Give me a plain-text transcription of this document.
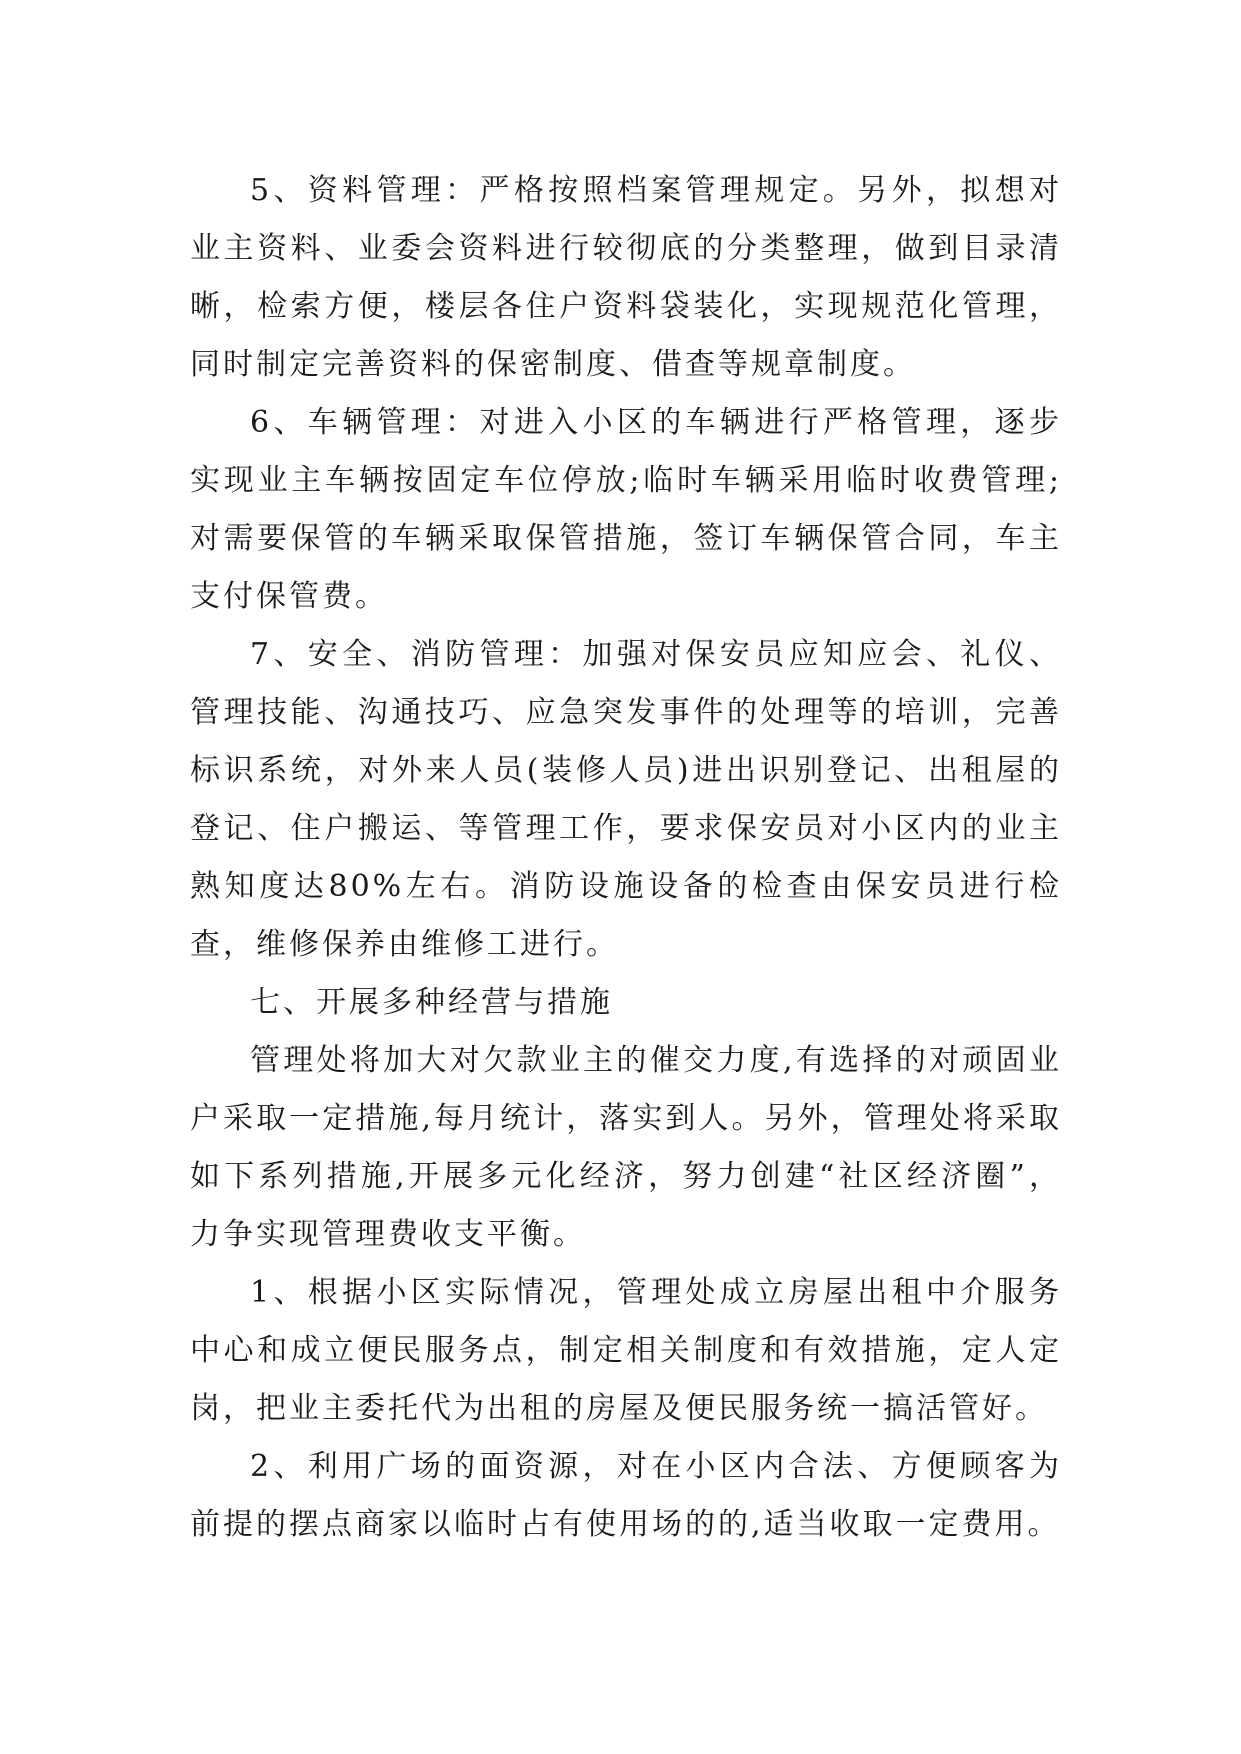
5、资料管理：严格按照档案管理规定。另外，拟想对业主资料、业委会资料进行较彻底的分类整理，做到目录清晰，检索方便，楼层各住户资料袋装化，实现规范化管理，同时制定完善资料的保密制度、借查等规章制度。

6、车辆管理：对进入小区的车辆进行严格管理，逐步实现业主车辆按固定车位停放;临时车辆采用临时收费管理;对需要保管的车辆采取保管措施，签订车辆保管合同，车主支付保管费。

7、安全、消防管理：加强对保安员应知应会、礼仪、管理技能、沟通技巧、应急突发事件的处理等的培训，完善标识系统，对外来人员(装修人员)进出识别登记、出租屋的登记、住户搬运、等管理工作，要求保安员对小区内的业主熟知度达80%左右。消防设施设备的检查由保安员进行检查，维修保养由维修工进行。

七、开展多种经营与措施

管理处将加大对欠款业主的催交力度,有选择的对顽固业户采取一定措施,每月统计，落实到人。另外，管理处将采取如下系列措施,开展多元化经济，努力创建“社区经济圈”，力争实现管理费收支平衡。

1、根据小区实际情况，管理处成立房屋出租中介服务中心和成立便民服务点，制定相关制度和有效措施，定人定岗，把业主委托代为出租的房屋及便民服务统一搞活管好。

2、利用广场的面资源，对在小区内合法、方便顾客为前提的摆点商家以临时占有使用场的的,适当收取一定费用。
